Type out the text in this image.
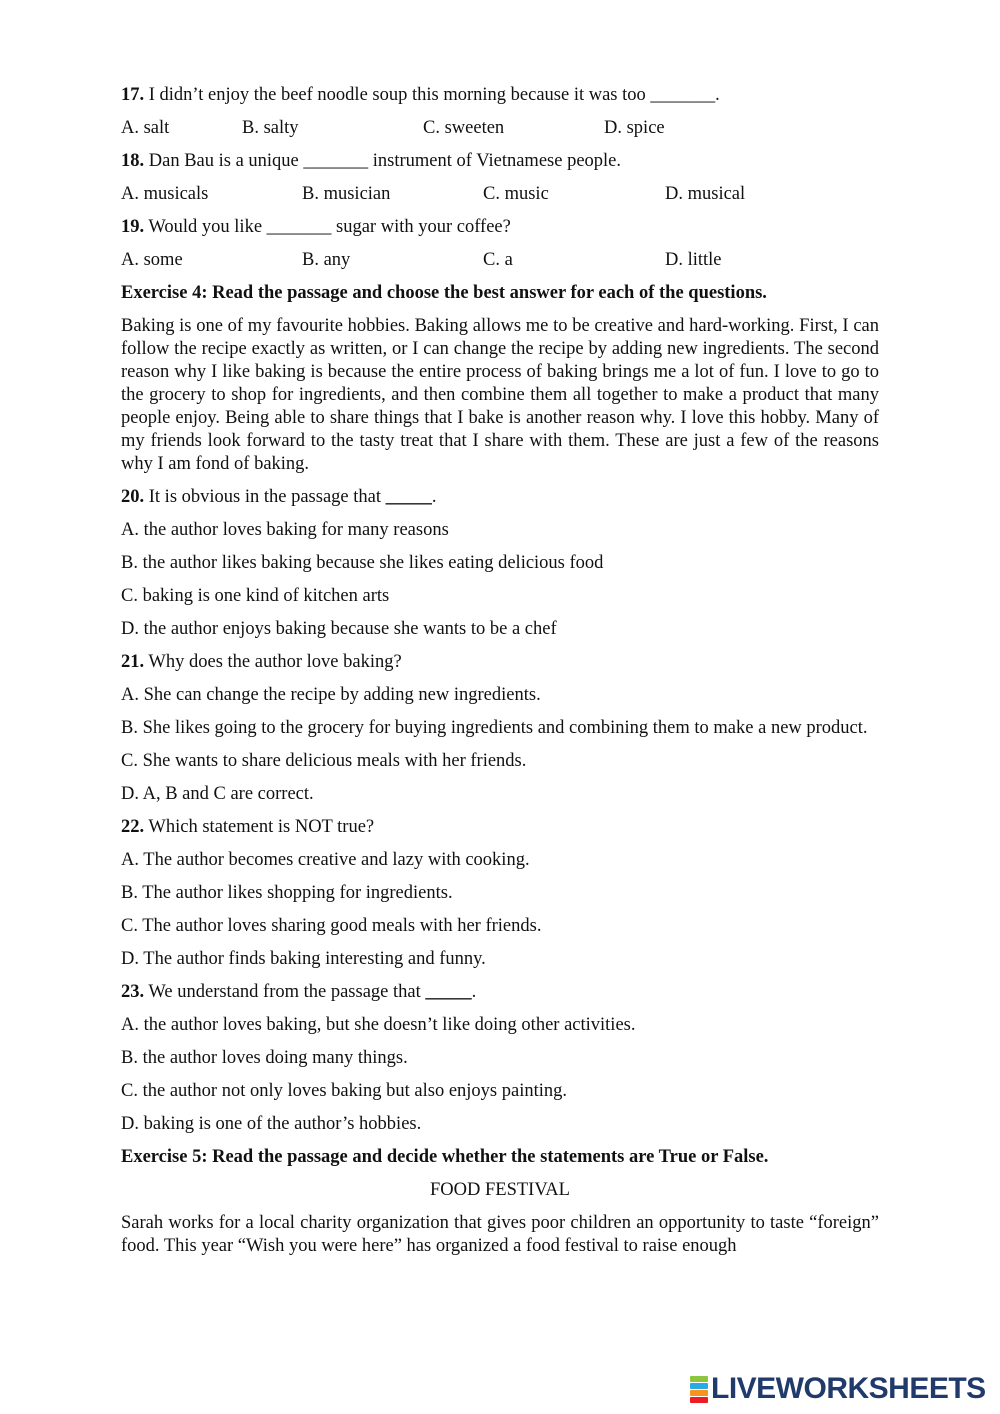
17. I didn’t enjoy the beef noodle soup this morning because it was too _______.
A. salt	B. salty	C. sweeten	D. spice
18. Dan Bau is a unique _______ instrument of Vietnamese people.
A. musicals	B. musician	C. music	D. musical
19. Would you like _______ sugar with your coffee?
A. some	B. any	C. a	D. little
Exercise 4: Read the passage and choose the best answer for each of the questions.
Baking is one of my favourite hobbies. Baking allows me to be creative and hard-working. First, I can follow the recipe exactly as written, or I can change the recipe by adding new ingredients. The second reason why I like baking is because the entire process of baking brings me a lot of fun. I love to go to the grocery to shop for ingredients, and then combine them all together to make a product that many people enjoy. Being able to share things that I bake is another reason why. I love this hobby. Many of my friends look forward to the tasty treat that I share with them. These are just a few of the reasons why I am fond of baking.
20. It is obvious in the passage that _____.
A. the author loves baking for many reasons
B. the author likes baking because she likes eating delicious food
C. baking is one kind of kitchen arts
D. the author enjoys baking because she wants to be a chef
21. Why does the author love baking?
A. She can change the recipe by adding new ingredients.
B. She likes going to the grocery for buying ingredients and combining them to make a new product.
C. She wants to share delicious meals with her friends.
D. A, B and C are correct.
22. Which statement is NOT true?
A. The author becomes creative and lazy with cooking.
B. The author likes shopping for ingredients.
C. The author loves sharing good meals with her friends.
D. The author finds baking interesting and funny.
23. We understand from the passage that _____.
A. the author loves baking, but she doesn’t like doing other activities.
B. the author loves doing many things.
C. the author not only loves baking but also enjoys painting.
D. baking is one of the author’s hobbies.
Exercise 5: Read the passage and decide whether the statements are True or False.
FOOD FESTIVAL
Sarah works for a local charity organization that gives poor children an opportunity to taste “foreign” food. This year “Wish you were here” has organized a food festival to raise enough
LIVEWORKSHEETS
